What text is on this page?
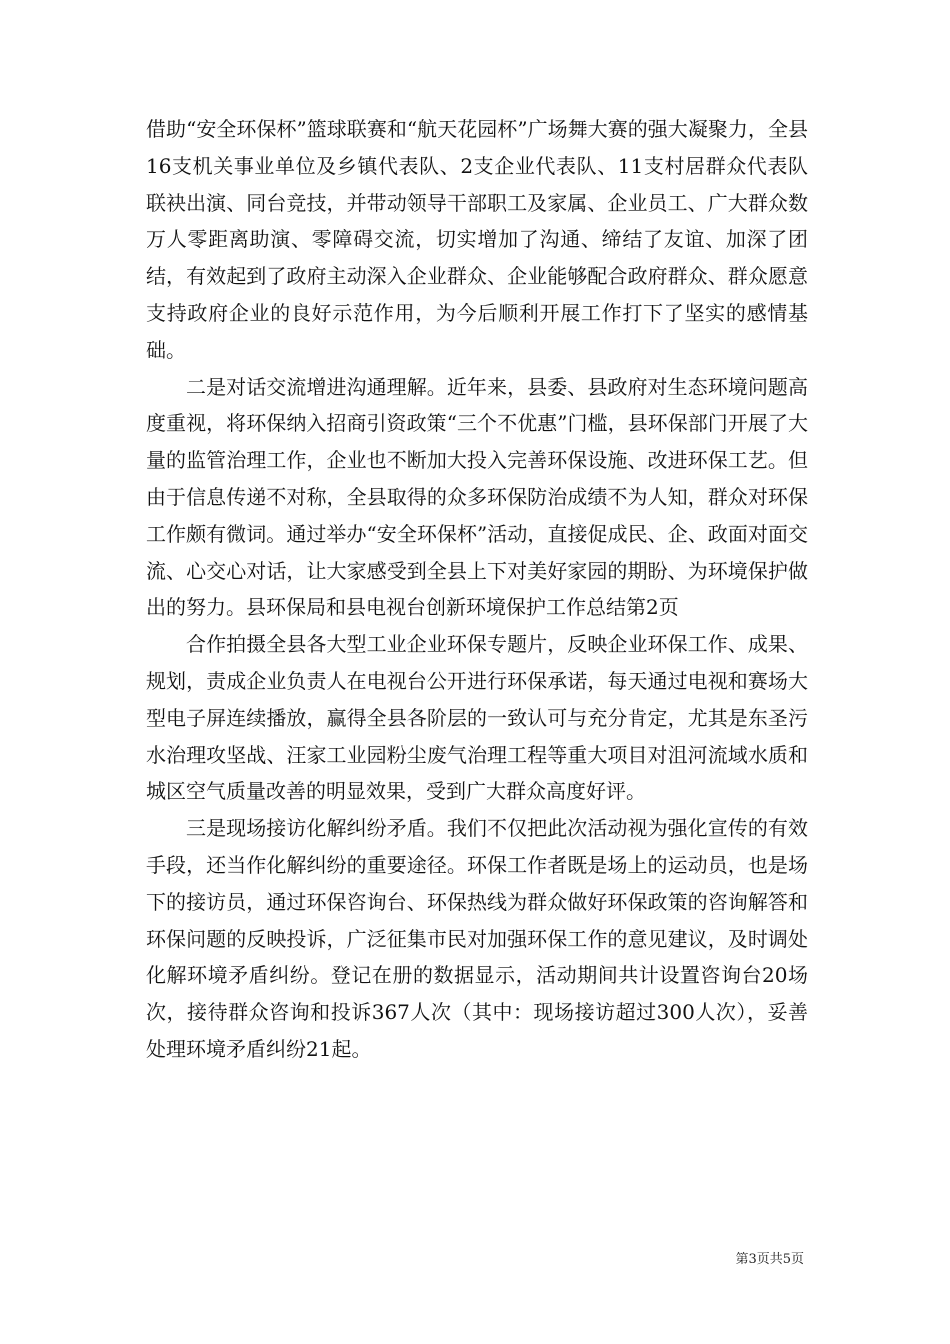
借助“安全环保杯”篮球联赛和“航天花园杯”广场舞大赛的强大凝聚力，全县16支机关事业单位及乡镇代表队、2支企业代表队、11支村居群众代表队联袂出演、同台竞技，并带动领导干部职工及家属、企业员工、广大群众数万人零距离助演、零障碍交流，切实增加了沟通、缔结了友谊、加深了团结，有效起到了政府主动深入企业群众、企业能够配合政府群众、群众愿意支持政府企业的良好示范作用，为今后顺利开展工作打下了坚实的感情基础。

二是对话交流增进沟通理解。近年来，县委、县政府对生态环境问题高度重视，将环保纳入招商引资政策“三个不优惠”门槛，县环保部门开展了大量的监管治理工作，企业也不断加大投入完善环保设施、改进环保工艺。但由于信息传递不对称，全县取得的众多环保防治成绩不为人知，群众对环保工作颇有微词。通过举办“安全环保杯”活动，直接促成民、企、政面对面交流、心交心对话，让大家感受到全县上下对美好家园的期盼、为环境保护做出的努力。县环保局和县电视台创新环境保护工作总结第2页

合作拍摄全县各大型工业企业环保专题片，反映企业环保工作、成果、规划，责成企业负责人在电视台公开进行环保承诺，每天通过电视和赛场大型电子屏连续播放，赢得全县各阶层的一致认可与充分肯定，尤其是东圣污水治理攻坚战、汪家工业园粉尘废气治理工程等重大项目对沮河流域水质和城区空气质量改善的明显效果，受到广大群众高度好评。

三是现场接访化解纠纷矛盾。我们不仅把此次活动视为强化宣传的有效手段，还当作化解纠纷的重要途径。环保工作者既是场上的运动员，也是场下的接访员，通过环保咨询台、环保热线为群众做好环保政策的咨询解答和环保问题的反映投诉，广泛征集市民对加强环保工作的意见建议，及时调处化解环境矛盾纠纷。登记在册的数据显示，活动期间共计设置咨询台20场次，接待群众咨询和投诉367人次（其中：现场接访超过300人次），妥善处理环境矛盾纠纷21起。

第3页共5页
